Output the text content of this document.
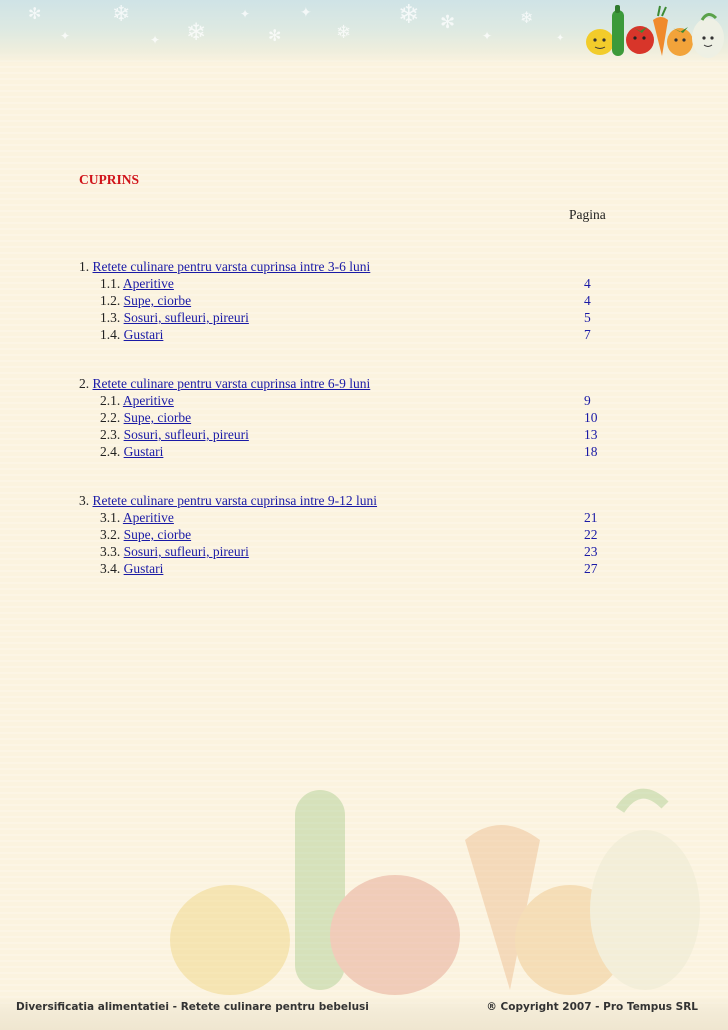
✻
✦
❄
✦ ❄
✦
✻
✦
❄
❄ ✻
✦
❄
✦
CUPRINS
Pagina
1. Retete culinare pentru varsta cuprinsa intre 3-6 luni
1.1. Aperitive	4
1.2. Supe, ciorbe	4
1.3. Sosuri, sufleuri, pireuri	5
1.4. Gustari	7
2. Retete culinare pentru varsta cuprinsa intre 6-9 luni
2.1. Aperitive	9
2.2. Supe, ciorbe	10
2.3. Sosuri, sufleuri, pireuri	13
2.4. Gustari	18
3. Retete culinare pentru varsta cuprinsa intre 9-12 luni
3.1. Aperitive	21
3.2. Supe, ciorbe	22
3.3. Sosuri, sufleuri, pireuri	23
3.4. Gustari	27
Diversificatia alimentatiei - Retete culinare pentru bebelusi	® Copyright 2007 - Pro Tempus SRL
